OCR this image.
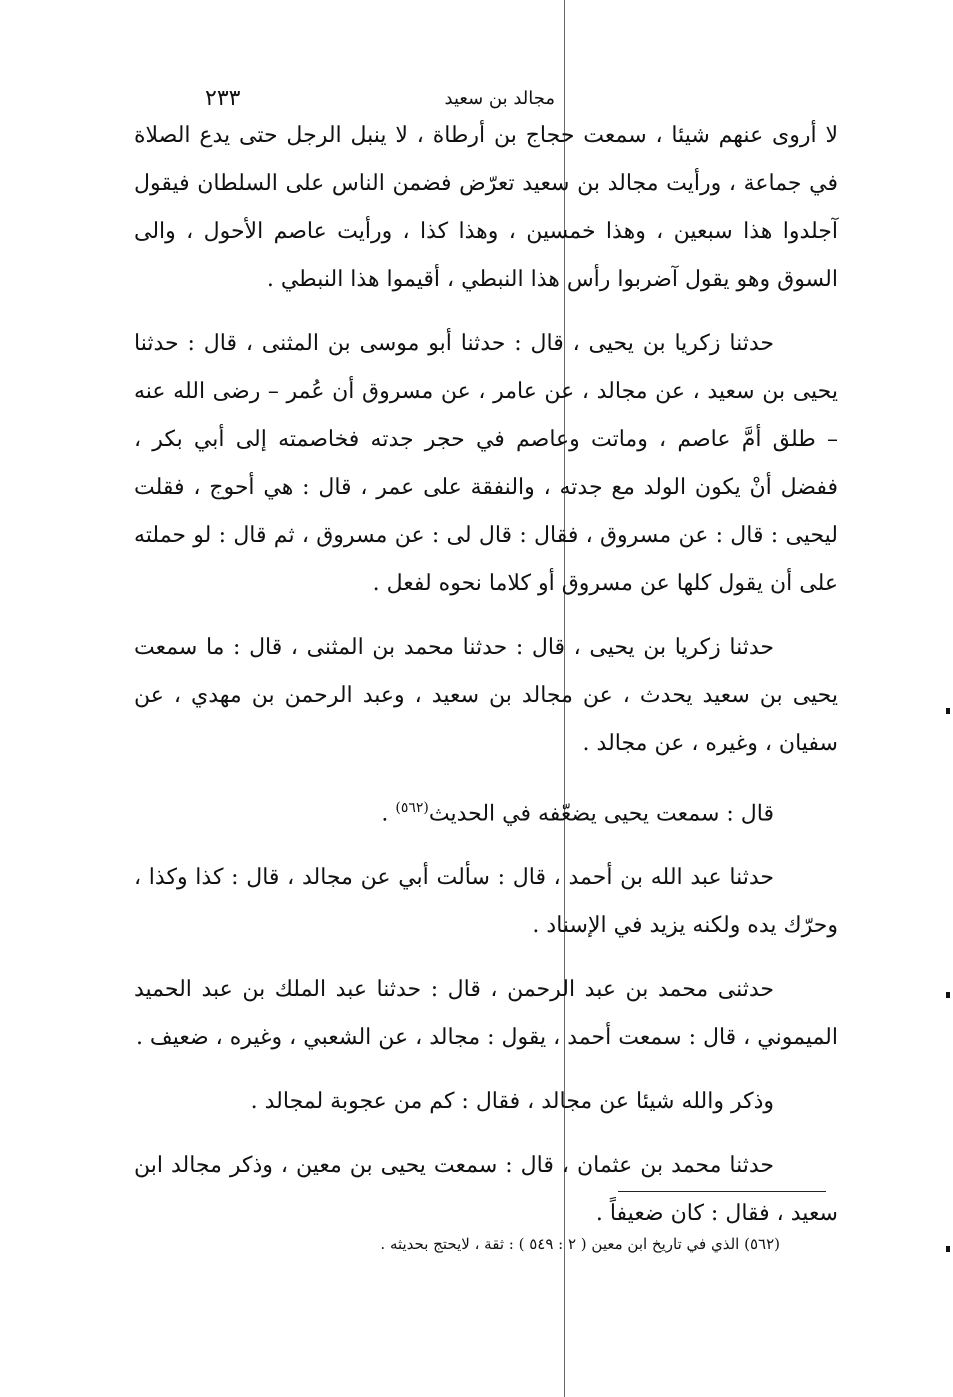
٢٣٣	مجالد بن سعيد

لا أروى عنهم شيئا ، سمعت حجاج بن أرطاة ، لا ينبل الرجل حتى يدع الصلاة في جماعة ، ورأيت مجالد بن سعيد تعرّض فضمن الناس على السلطان فيقول آجلدوا هذا سبعين ، وهذا خمسين ، وهذا كذا ، ورأيت عاصم الأحول ، والى السوق وهو يقول آضربوا رأس هذا النبطي ، أقيموا هذا النبطي .

حدثنا زكريا بن يحيى ، قال : حدثنا أبو موسى بن المثنى ، قال : حدثنا يحيى بن سعيد ، عن مجالد ، عن عامر ، عن مسروق أن عُمر – رضى الله عنه – طلق أمَّ عاصم ، وماتت وعاصم في حجر جدته فخاصمته إلى أبي بكر ، ففضل أنْ يكون الولد مع جدته ، والنفقة على عمر ، قال : هي أحوج ، فقلت ليحيى : قال : عن مسروق ، فقال : قال لى : عن مسروق ، ثم قال : لو حملته على أن يقول كلها عن مسروق أو كلاما نحوه لفعل .

حدثنا زكريا بن يحيى ، قال : حدثنا محمد بن المثنى ، قال : ما سمعت يحيى بن سعيد يحدث ، عن مجالد بن سعيد ، وعبد الرحمن بن مهدي ، عن سفيان ، وغيره ، عن مجالد .

قال : سمعت يحيى يضعّفه في الحديث$^{(٥٦٢)}$ .

حدثنا عبد الله بن أحمد ، قال : سألت أبي عن مجالد ، قال : كذا وكذا ، وحرّك يده ولكنه يزيد في الإسناد .

حدثنى محمد بن عبد الرحمن ، قال : حدثنا عبد الملك بن عبد الحميد الميموني ، قال : سمعت أحمد ، يقول : مجالد ، عن الشعبي ، وغيره ، ضعيف .

وذكر والله شيئا عن مجالد ، فقال : كم من عجوبة لمجالد .

حدثنا محمد بن عثمان ، قال : سمعت يحيى بن معين ، وذكر مجالد ابن سعيد ، فقال : كان ضعيفاً .

(٥٦٢) الذي في تاريخ ابن معين ( ٢ : ٥٤٩ ) : ثقة ، لايحتج بحديثه .
